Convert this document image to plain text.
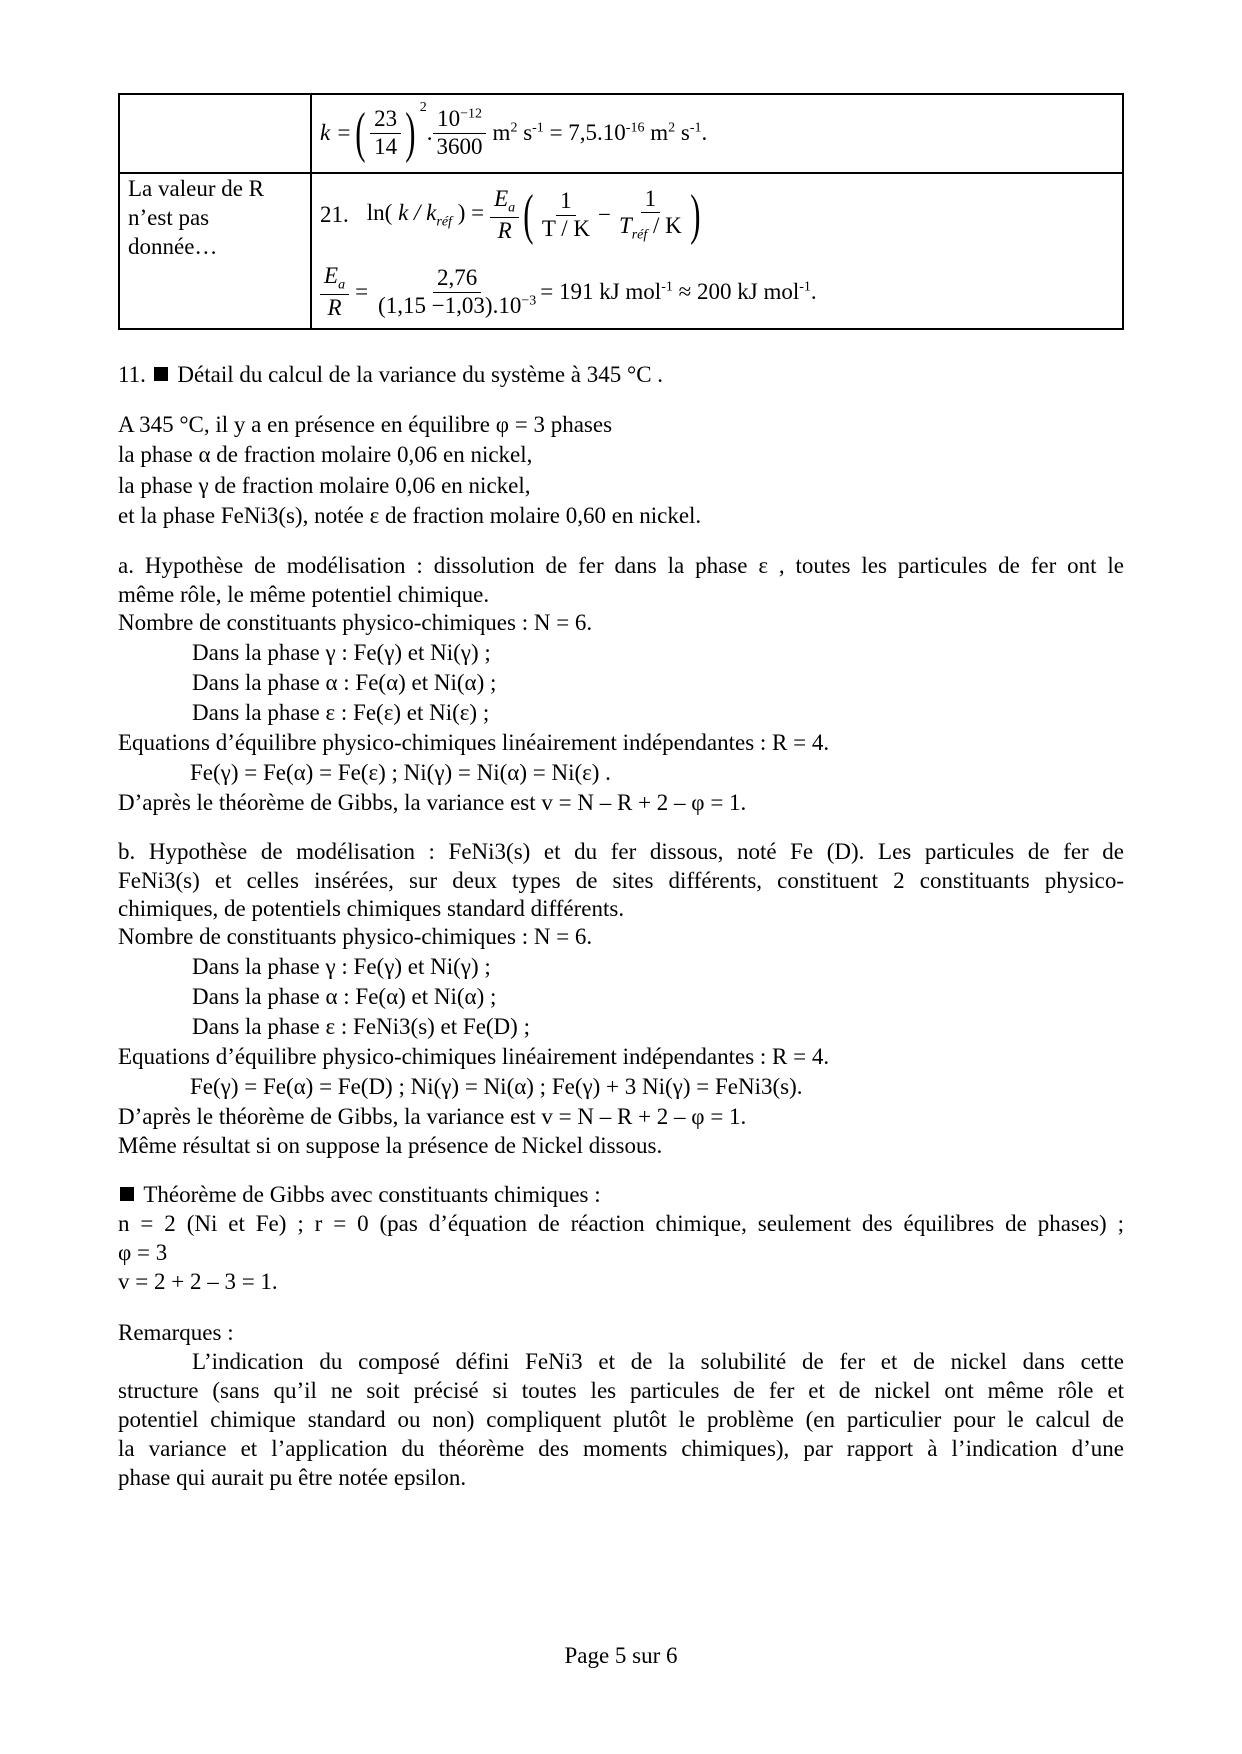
k = ( $\frac{23}{14}$ ) $^2$
. $\frac{10^{-12}}{3600} m^2$ $s^{-1} = 7,5.10^{-16}$ $m^2$ $s^{-1}$.
La valeur de R n’est pas donnée…
21. ln( k / $k_{réf}$ ) = $\frac{E_a}{R}$ ( $\frac{1}{T / K} - \frac{1}{T_{réf} / K}$ )
$\frac{E_a}{R} = \frac{2,76}{(1,15 -1,03).10^{-3}} = 191$ kJ mol$^{-1}$ ≈ 200 kJ mol$^{-1}$.
11.  Détail du calcul de la variance du système à 345 °C .
A 345 °C, il y a en présence en équilibre φ = 3 phases
la phase α de fraction molaire 0,06 en nickel,
la phase γ de fraction molaire 0,06 en nickel,
et la phase FeNi3(s), notée ε de fraction molaire 0,60 en nickel.
a. Hypothèse de modélisation : dissolution de fer dans la phase ε , toutes les particules de fer ont le
même rôle, le même potentiel chimique.
Nombre de constituants physico-chimiques : N = 6.
Dans la phase γ : Fe(γ) et Ni(γ) ;
Dans la phase α : Fe(α) et Ni(α) ;
Dans la phase ε : Fe(ε) et Ni(ε) ;
Equations d’équilibre physico-chimiques linéairement indépendantes : R = 4.
Fe(γ) = Fe(α) = Fe(ε) ; Ni(γ) = Ni(α) = Ni(ε) .
D’après le théorème de Gibbs, la variance est v = N – R + 2 – φ = 1.
b. Hypothèse de modélisation : FeNi3(s) et du fer dissous, noté Fe (D). Les particules de fer de
FeNi3(s) et celles insérées, sur deux types de sites différents, constituent 2 constituants physico-
chimiques, de potentiels chimiques standard différents.
Nombre de constituants physico-chimiques : N = 6.
Dans la phase γ : Fe(γ) et Ni(γ) ;
Dans la phase α : Fe(α) et Ni(α) ;
Dans la phase ε : FeNi3(s) et Fe(D) ;
Equations d’équilibre physico-chimiques linéairement indépendantes : R = 4.
Fe(γ) = Fe(α) = Fe(D) ; Ni(γ) = Ni(α) ; Fe(γ) + 3 Ni(γ) = FeNi3(s).
D’après le théorème de Gibbs, la variance est v = N – R + 2 – φ = 1.
Même résultat si on suppose la présence de Nickel dissous.
Théorème de Gibbs avec constituants chimiques :
n = 2 (Ni et Fe) ; r = 0 (pas d’équation de réaction chimique, seulement des équilibres de phases) ;
φ = 3
v = 2 + 2 – 3 = 1.
Remarques :
L’indication du composé défini FeNi3 et de la solubilité de fer et de nickel dans cette
structure (sans qu’il ne soit précisé si toutes les particules de fer et de nickel ont même rôle et
potentiel chimique standard ou non) compliquent plutôt le problème (en particulier pour le calcul de
la variance et l’application du théorème des moments chimiques), par rapport à l’indication d’une
phase qui aurait pu être notée epsilon.
Page 5 sur 6
